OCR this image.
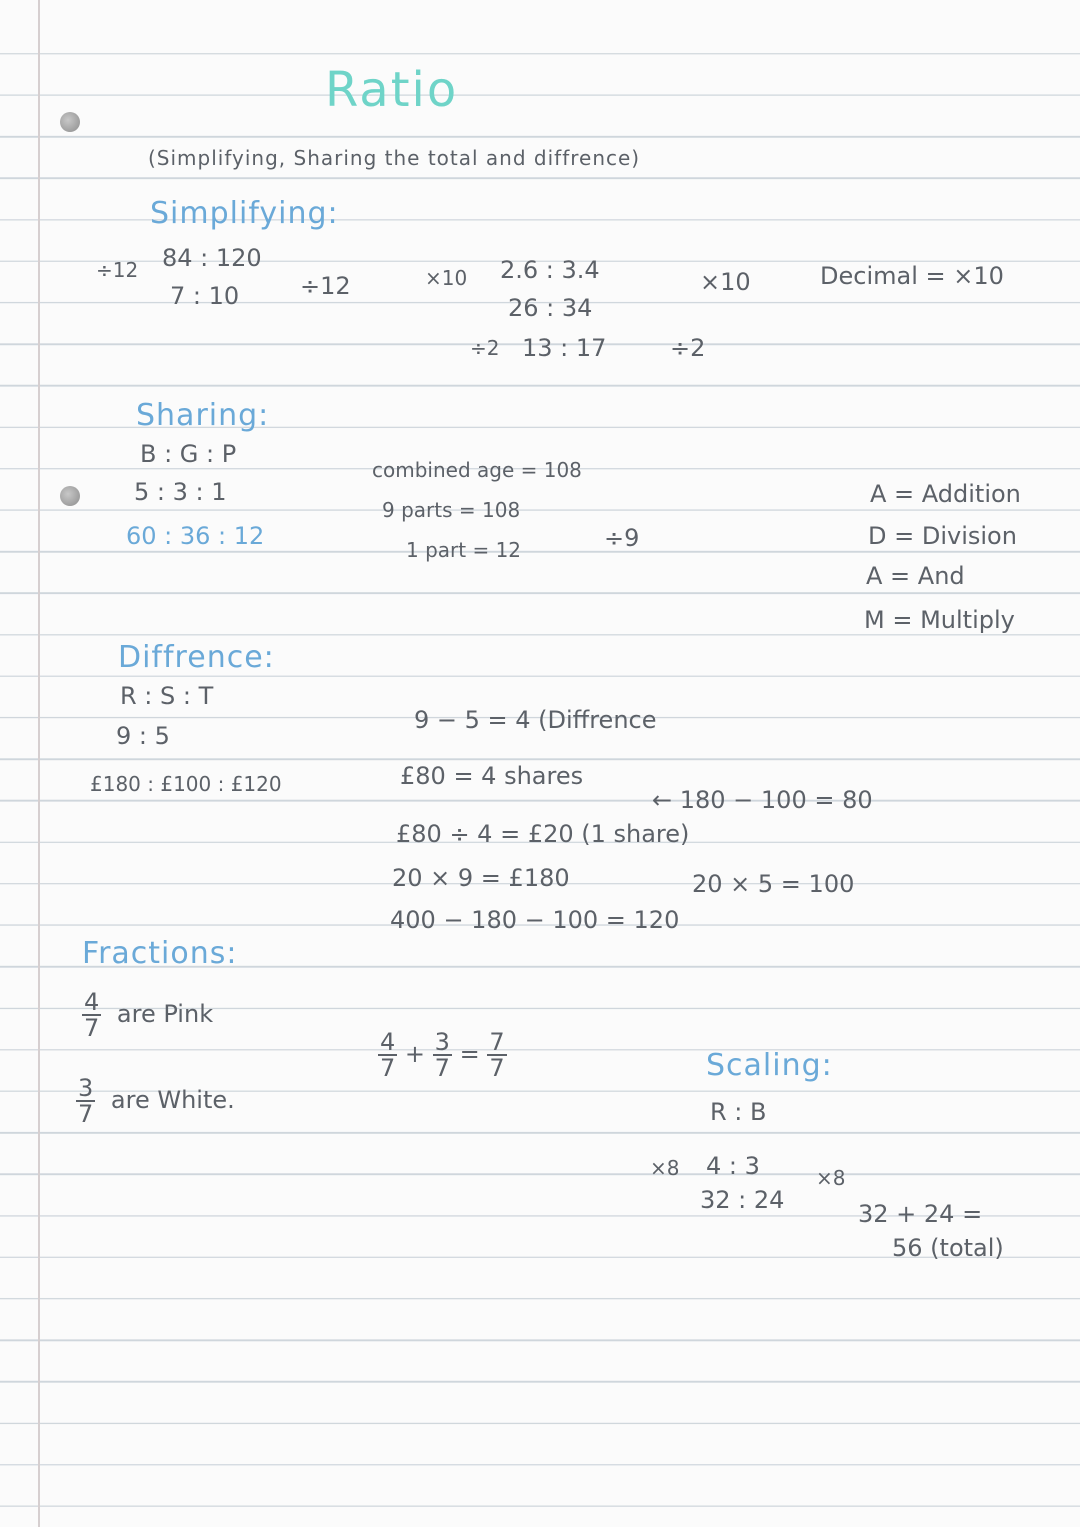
Ratio
(Simplifying, Sharing the total and diffrence)
Simplifying:
÷12 84 : 120
7 : 10	÷12	×10 2.6 : 3.4	×10
26 : 34
÷2 13 : 17	÷2
Decimal = ×10
Sharing:
B : G : P
5 : 3 : 1
60 : 36 : 12
combined age = 108
9 parts = 108
1 part = 12	÷9
A = Addition
D = Division
A = And
M = Multiply
Diffrence:
R : S : T
9 : 5
£180 : £100 : £120
9 − 5 = 4 (Diffrence
£80 = 4 shares
← 180 − 100 = 80
£80 ÷ 4 = £20 (1 share)
20 × 9 = £180	20 × 5 = 100
400 − 180 − 100 = 120
Fractions:
$\frac{4}{7}$ are Pink
$\frac{3}{7}$ are White.
$\frac{4}{7} + \frac{3}{7} = \frac{7}{7}$	Scaling:
R : B
×8 4 : 3
32 : 24
×8
32 + 24 =
56 (total)
